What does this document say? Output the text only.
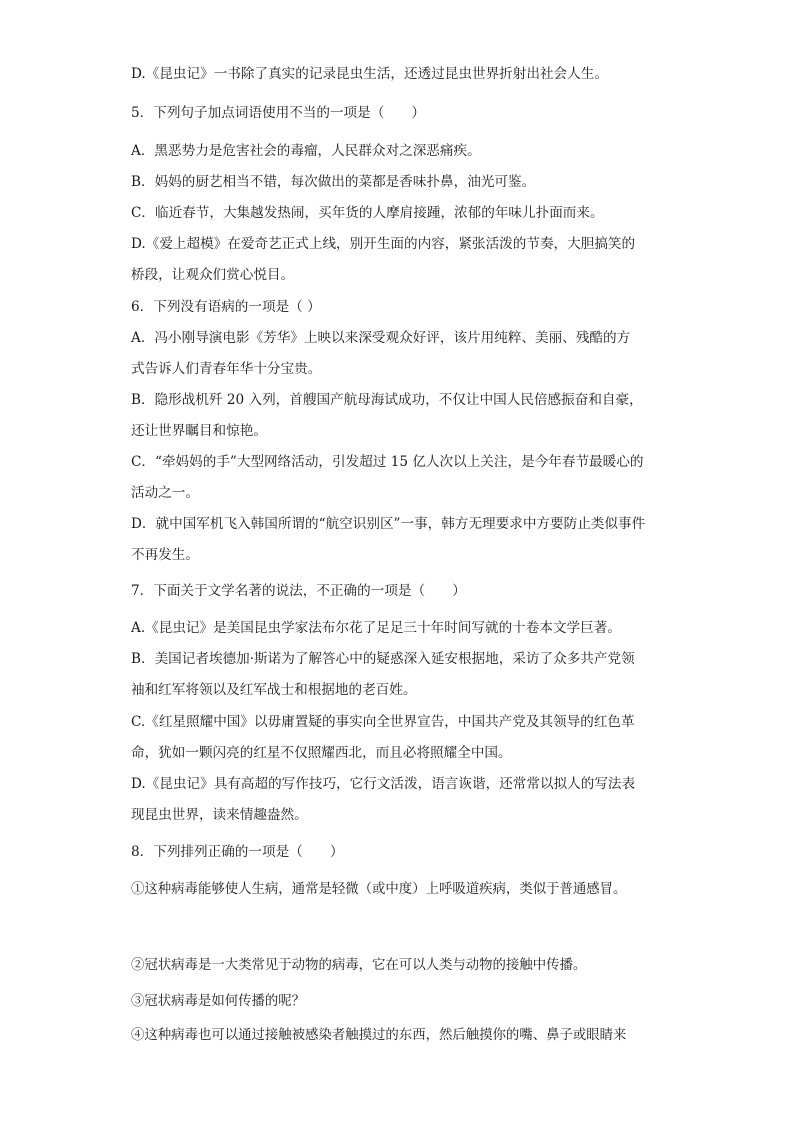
D.《昆虫记》一书除了真实的记录昆虫生活，还透过昆虫世界折射出社会人生。
5．下列句子加点词语使用不当的一项是（　　）
A．黑恶势力是危害社会的毒瘤，人民群众对之深恶痛疾。
B．妈妈的厨艺相当不错，每次做出的菜都是香味扑鼻，油光可鉴。
C．临近春节，大集越发热闹，买年货的人摩肩接踵，浓郁的年味儿扑面而来。
D.《爱上超模》在爱奇艺正式上线，别开生面的内容，紧张活泼的节奏，大胆搞笑的
桥段，让观众们赏心悦目。
6．下列没有语病的一项是（ ）
A．冯小刚导演电影《芳华》上映以来深受观众好评，该片用纯粹、美丽、残酷的方
式告诉人们青春年华十分宝贵。
B．隐形战机歼 20 入列，首艘国产航母海试成功，不仅让中国人民倍感振奋和自豪，
还让世界瞩目和惊艳。
C．“牵妈妈的手”大型网络活动，引发超过 15 亿人次以上关注，是今年春节最暖心的
活动之一。
D．就中国军机飞入韩国所谓的“航空识别区”一事，韩方无理要求中方要防止类似事件
不再发生。
7．下面关于文学名著的说法，不正确的一项是（　　）
A.《昆虫记》是美国昆虫学家法布尔花了足足三十年时间写就的十卷本文学巨著。
B．美国记者埃德加·斯诺为了解答心中的疑惑深入延安根据地，采访了众多共产党领
袖和红军将领以及红军战士和根据地的老百姓。
C.《红星照耀中国》以毋庸置疑的事实向全世界宣告，中国共产党及其领导的红色革
命，犹如一颗闪亮的红星不仅照耀西北，而且必将照耀全中国。
D.《昆虫记》具有高超的写作技巧，它行文活泼，语言诙谐，还常常以拟人的写法表
现昆虫世界，读来情趣盎然。
8．下列排列正确的一项是（　　）
①这种病毒能够使人生病，通常是轻微（或中度）上呼吸道疾病，类似于普通感冒。
②冠状病毒是一大类常见于动物的病毒，它在可以人类与动物的接触中传播。
③冠状病毒是如何传播的呢？
④这种病毒也可以通过接触被感染者触摸过的东西，然后触摸你的嘴、鼻子或眼睛来
